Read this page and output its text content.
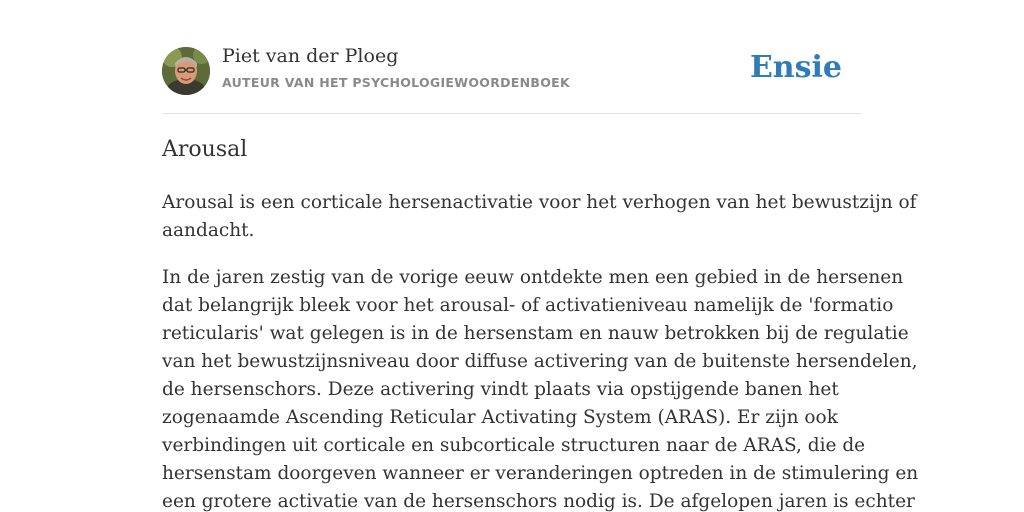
Piet van der Ploeg
AUTEUR VAN HET PSYCHOLOGIEWOORDENBOEK	Ensie
Arousal

Arousal is een corticale hersenactivatie voor het verhogen van het bewustzijn of
aandacht.

In de jaren zestig van de vorige eeuw ontdekte men een gebied in de hersenen
dat belangrijk bleek voor het arousal- of activatieniveau namelijk de 'formatio
reticularis' wat gelegen is in de hersenstam en nauw betrokken bij de regulatie
van het bewustzijnsniveau door diffuse activering van de buitenste hersendelen,
de hersenschors. Deze activering vindt plaats via opstijgende banen het
zogenaamde Ascending Reticular Activating System (ARAS). Er zijn ook
verbindingen uit corticale en subcorticale structuren naar de ARAS, die de
hersenstam doorgeven wanneer er veranderingen optreden in de stimulering en
een grotere activatie van de hersenschors nodig is. De afgelopen jaren is echter
